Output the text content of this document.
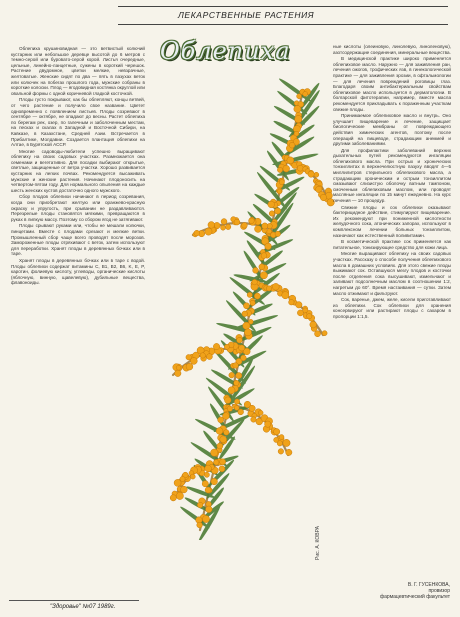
ЛЕКАРСТВЕННЫЕ РАСТЕНИЯ

Облепиха крушиновидная — это ветвистый колючий кустарник или небольшое деревце высотой до 6 метров с темно-серой или буровато-серой корой. Листья очередные, цельные, линейно-ланцетные, сужены в короткий черешок. Растение двудомное, цветки мелкие, невзрачные, желтоватые. Женские сидят по два — пять в пазухах веток или колючек на побегах прошлого года, мужские собраны в короткие колоски. Плод — ягодовидная костянка округлой или овальной формы с одной коричневой гладкой косточкой.

Плоды густо покрывают, как бы облепляют, концы ветвей, от чего растение и получило свое название. Цветет одновременно с появлением листьев. Плоды созревают в сентябре — октябре, не опадают до весны. Растет облепиха по берегам рек, озер, по галечным и заболоченным местам, на песках и скалах в Западной и Восточной Сибири, на Кавказе, в Казахстане, Средней Азии. Встречается в Прибалтике, Молдавии. Создается плантация облепихи на Алтае, в Бурятской АССР.

Многие садоводы-любители успешно выращивают облепиху на своих садовых участках. Размножается она семенами и вегетативно. Для посадки выбирают открытые, светлые, защищенные от ветра участки. Хорошо развивается кустарник на легких почвах. Рекомендуется высаживать мужские и женские растения. Начинают плодоносить на четвертом-пятом году. Для нормального опыления на каждые шесть женских кустов достаточно одного мужского.

Сбор плодов облепихи начинают в период созревания, когда они приобретают желтую или оранжево-красную окраску и упругость, при срывании не раздавливаются. Перезрелые плоды становятся мягкими, превращаются в руках в липкую массу. Поэтому со сбором ягод не затягивают.

Плоды срывают руками или, чтобы не мешали колючки, пинцетами. Вместе с плодами срезают и мелкие ветки. Промышленный сбор чаще всего проводят после морозов. Замороженные плоды отряхивают с веток, затем используют для переработки. Хранят плоды в деревянных бочках или в таре.

Хранят плоды в деревянных бочках или в таре с водой. Плоды облепихи содержат витамины C, B1, B2, B6, K, E, P, каротин, фолиевую кислоту, углеводы, органические кислоты (яблочную, винную, щавелевую), дубильные вещества, флавоноиды.

Облепиха	ные кислоты (олеиновую, линолевую, линоленовую), азотсодержащие соединения, минеральные вещества.

В медицинской практике широко применяется облепиховое масло. Наружно — для заживления ран, лечения ожогов, трофических язв, в гинекологической практике — для заживления эрозии, в офтальмологии — для лечения повреждений роговицы глаз. Благодаря своим антибактериальным свойствам облепиховое масло используется в дерматологии. В болгарской фитотерапии, например, вместе масла рекомендуется прикладывать к пораженным участкам свежие плоды.

Принимаемое облепиховое масло и внутрь. Оно улучшает пищеварение и лечение, защищает биологические мембраны от повреждающего действия химических агентов, поэтому после операций на пищеводе, страдающим анемией и другими заболеваниями.

Для профилактики заболеваний верхних дыхательных путей рекомендуются ингаляции облепихового масла. При острых и хронических тонзиллитах в верхнечелюстную пазуху вводят 4—5 миллилитров стерильного облепихового масла, а страдающим хроническим и острым тонзиллитом смазывают слизистую оболочку ватным тампоном, смоченным облепиховым маслом, или проводят масляные ингаляции по 15 минут ежедневно. На курс лечения — 10 процедур.

Свежие плоды и сок облепихи оказывают бактерицидное действие, стимулируют пищеварение. Их рекомендуют при пониженной кислотности желудочного сока, атонических запорах, используют в комплексном лечении больных тонзиллитом, назначают как естественный поливитамин.

В косметической практике сок применяется как питательное, тонизирующее средство для кожи лица.

Многие выращивают облепиху на своих садовых участках. Рассказу о способе получения облепихового масла в домашних условиях. Для этого свежие плоды выжимают сок. Оставшуюся мезгу плодов и косточки после отделения сока высушивают, измельчают и заливают подсолнечным маслом в соотношении 1:2, нагретым до 60°. Время настаивания — сутки. Затем масло отжимают и фильтруют.

Сок, варенье, джем, желе, кисели приготавливают из облепихи. Сок облепихи для хранения консервируют или растирают плоды с сахаром в пропорции 1:1,5.

Рис. А. КОВРА
В. Г. ГУСЕНКОВА,
провизор
фармацевтический факультет
"Здоровье" №07 1989г.
